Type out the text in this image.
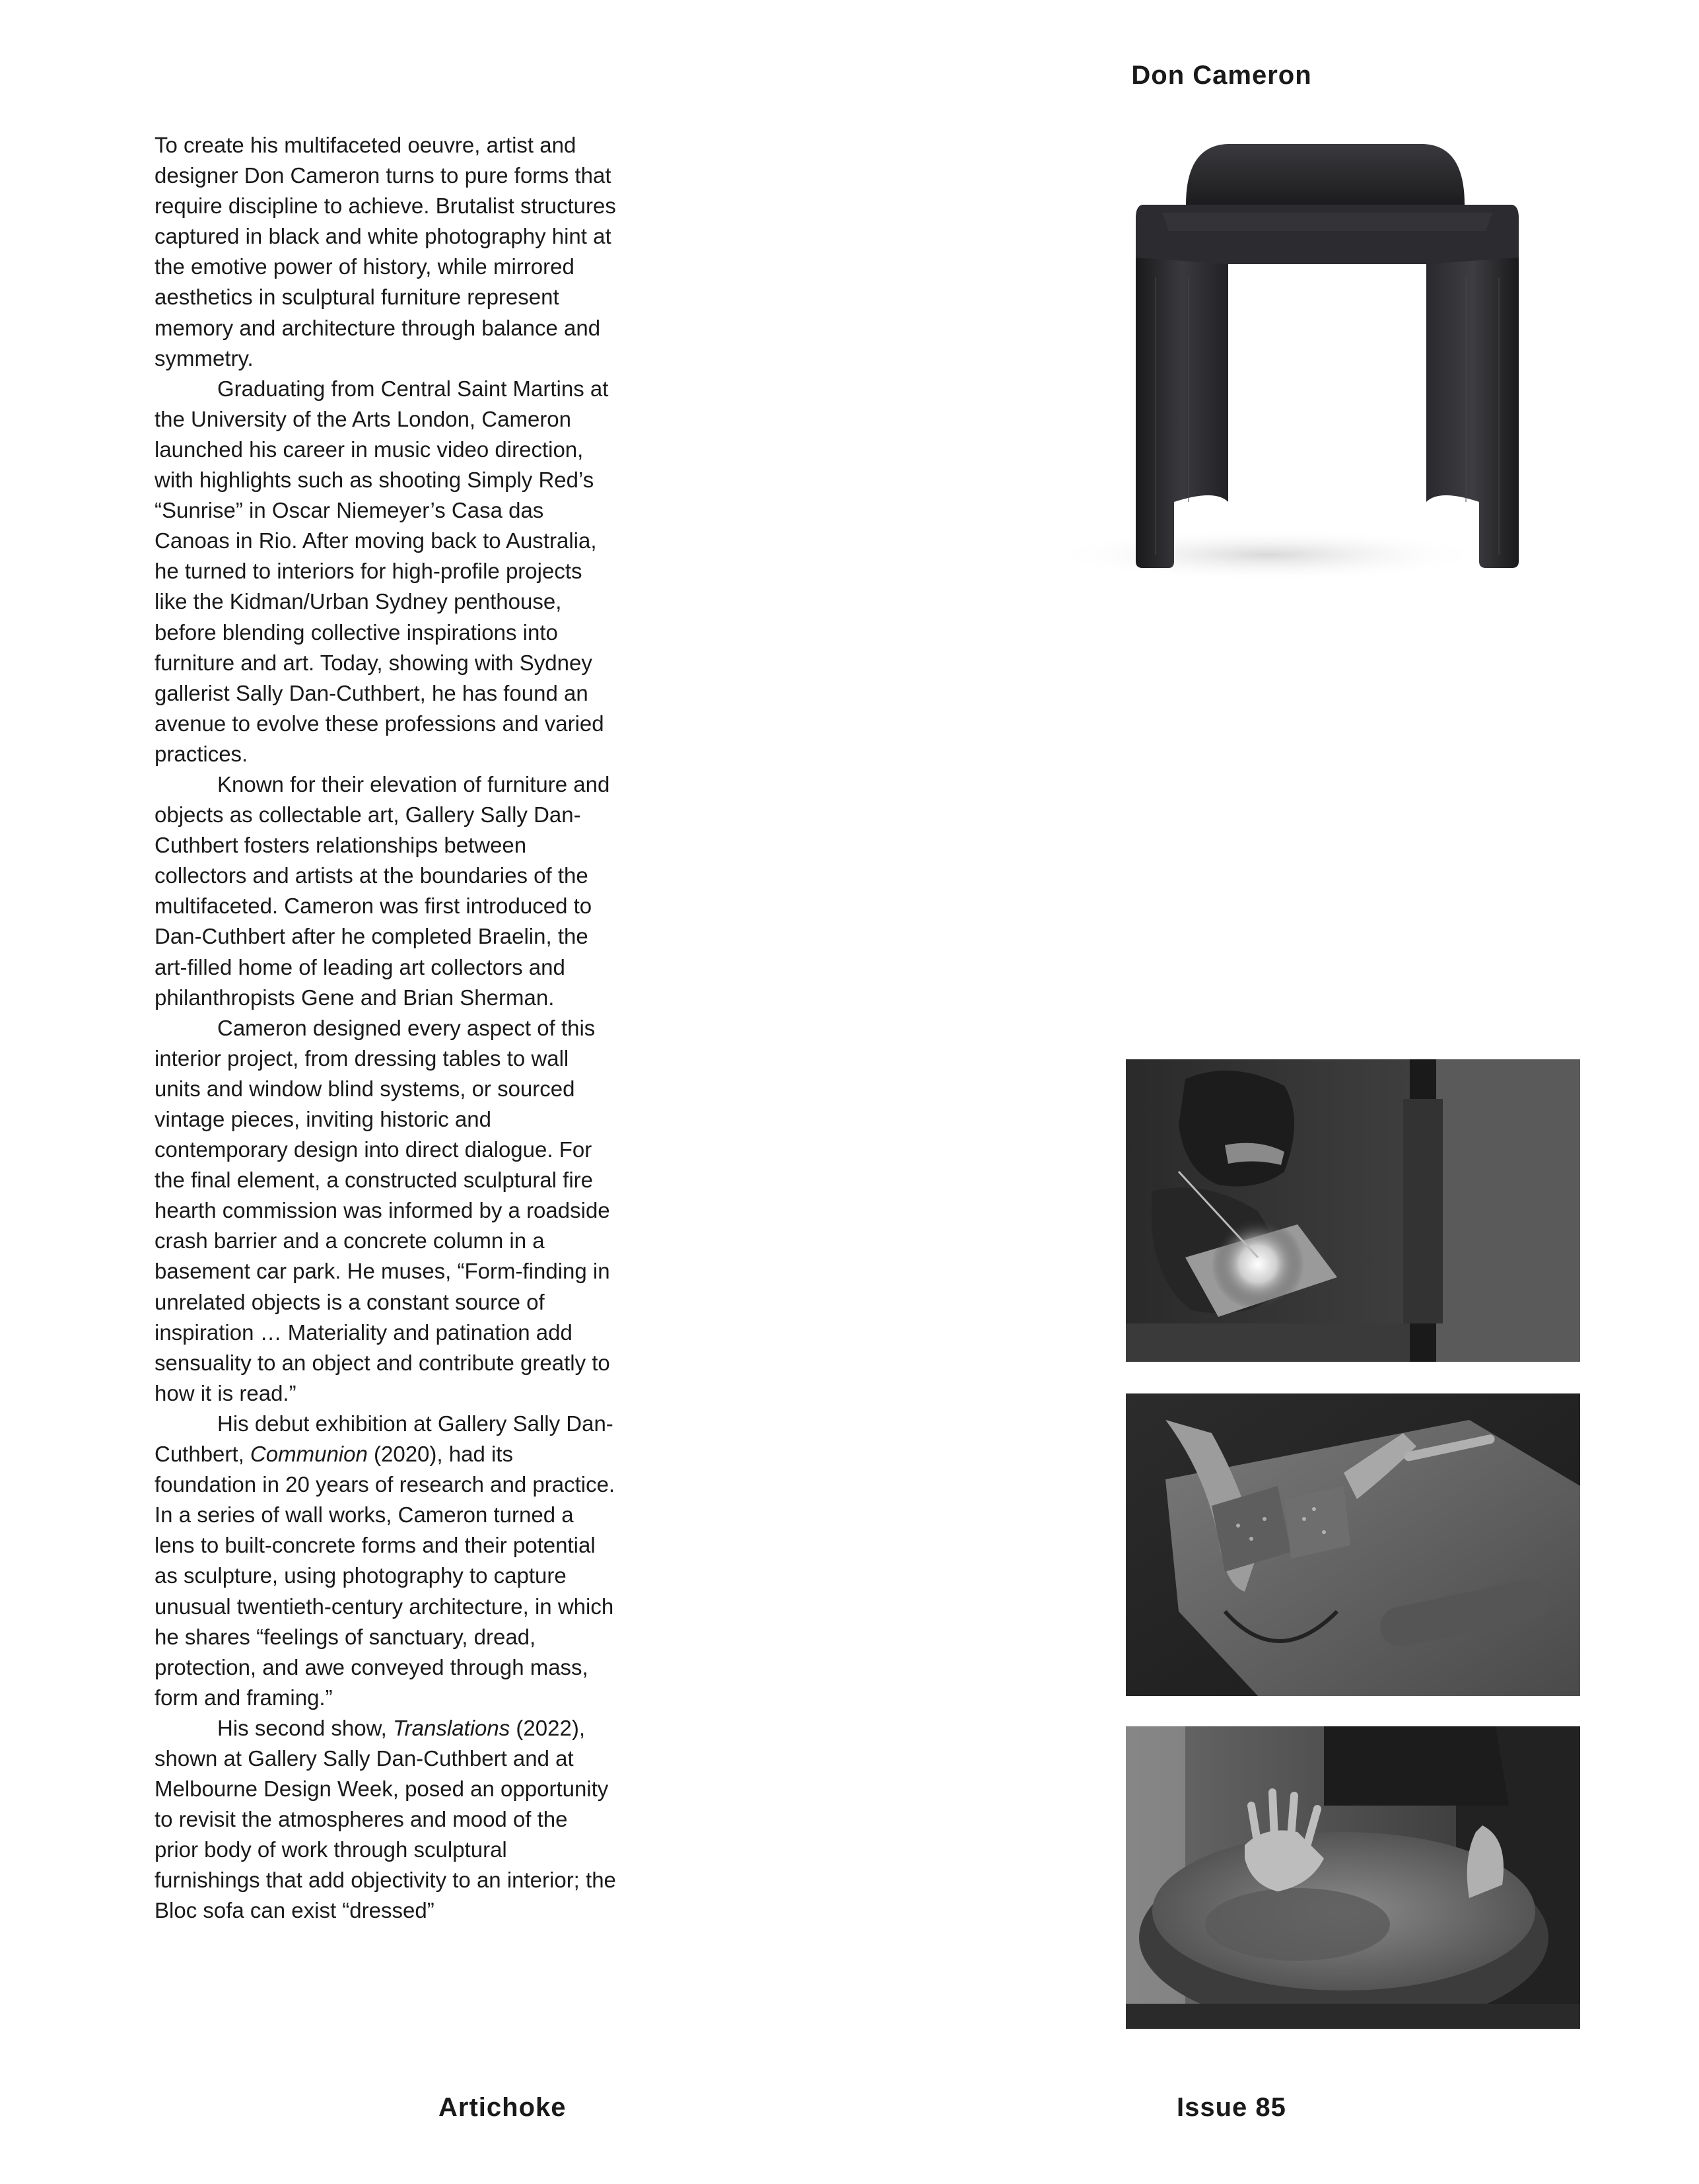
Don Cameron

To create his multifaceted oeuvre, artist and designer Don Cameron turns to pure forms that require discipline to achieve. Brutalist structures captured in black and white photography hint at the emotive power of history, while mirrored aesthetics in sculptural furniture represent memory and architecture through balance and symmetry.

Graduating from Central Saint Martins at the University of the Arts London, Cameron launched his career in music video direction, with highlights such as shooting Simply Red’s “Sunrise” in Oscar Niemeyer’s Casa das Canoas in Rio. After moving back to Australia, he turned to interiors for high-profile projects like the Kidman/Urban Sydney penthouse, before blending collective inspirations into furniture and art. Today, showing with Sydney gallerist Sally Dan-Cuthbert, he has found an avenue to evolve these professions and varied practices.

Known for their elevation of furniture and objects as collectable art, Gallery Sally Dan-Cuthbert fosters relationships between collectors and artists at the boundaries of the multifaceted. Cameron was first introduced to Dan-Cuthbert after he completed Braelin, the art-filled home of leading art collectors and philanthropists Gene and Brian Sherman.

Cameron designed every aspect of this interior project, from dressing tables to wall units and window blind systems, or sourced vintage pieces, inviting historic and contemporary design into direct dialogue. For the final element, a constructed sculptural fire hearth commission was informed by a roadside crash barrier and a concrete column in a basement car park. He muses, “Form-finding in unrelated objects is a constant source of inspiration … Materiality and patination add sensuality to an object and contribute greatly to how it is read.”

His debut exhibition at Gallery Sally Dan-Cuthbert, Communion (2020), had its foundation in 20 years of research and practice. In a series of wall works, Cameron turned a lens to built-concrete forms and their potential as sculpture, using photography to capture unusual twentieth-century architecture, in which he shares “feelings of sanctuary, dread, protection, and awe conveyed through mass, form and framing.”

His second show, Translations (2022), shown at Gallery Sally Dan-Cuthbert and at Melbourne Design Week, posed an opportunity to revisit the atmospheres and mood of the prior body of work through sculptural furnishings that add objectivity to an interior; the Bloc sofa can exist “dressed”

Artichoke	Issue 85
